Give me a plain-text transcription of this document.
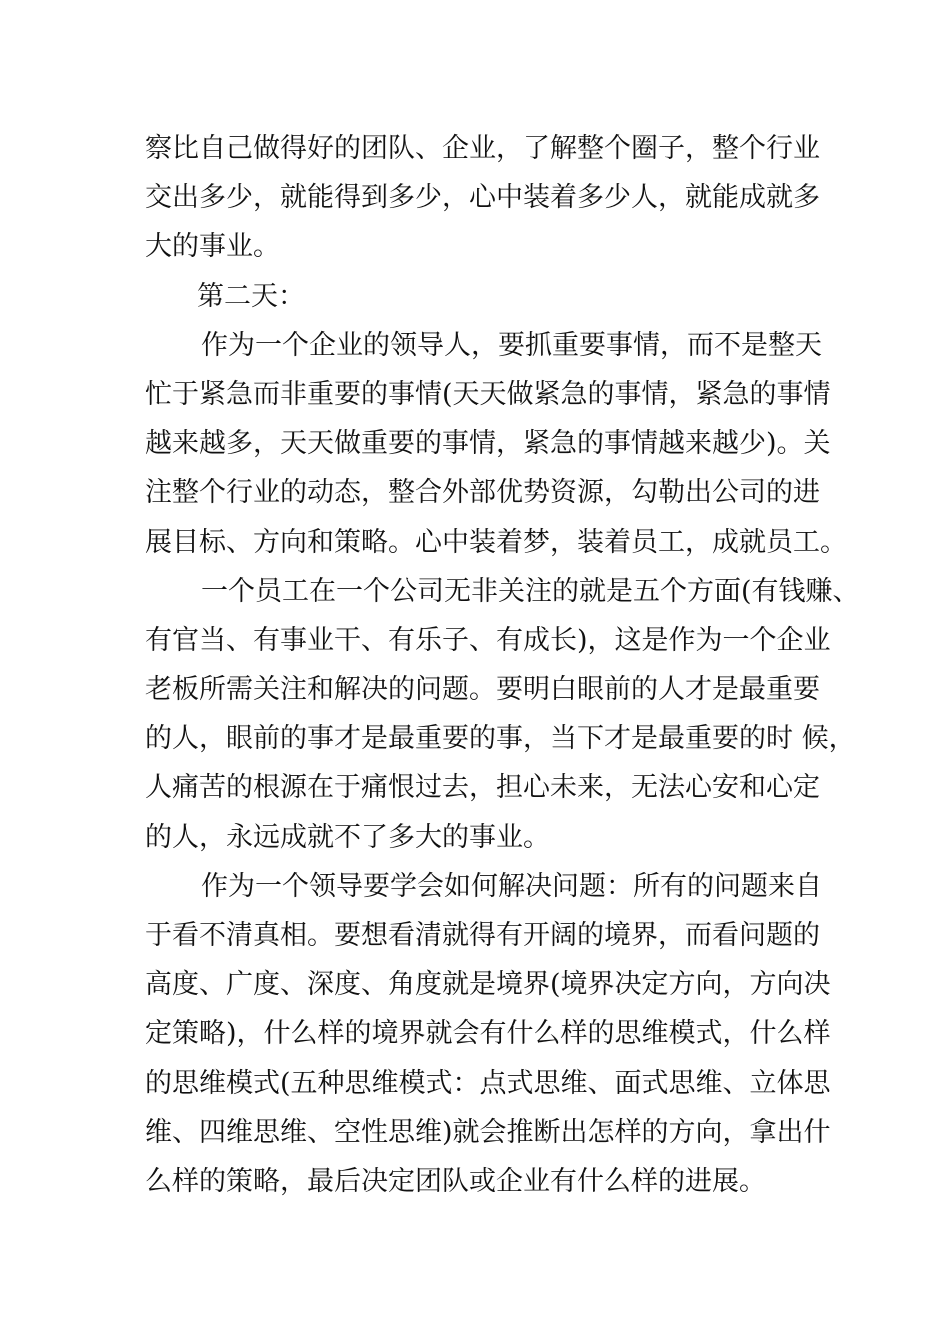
察比自己做得好的团队、企业，了解整个圈子，整个行业
交出多少，就能得到多少，心中装着多少人，就能成就多
大的事业。
第二天：
作为一个企业的领导人，要抓重要事情，而不是整天
忙于紧急而非重要的事情(天天做紧急的事情，紧急的事情
越来越多，天天做重要的事情，紧急的事情越来越少)。关
注整个行业的动态，整合外部优势资源，勾勒出公司的进
展目标、方向和策略。心中装着梦，装着员工，成就员工。
一个员工在一个公司无非关注的就是五个方面(有钱赚、
有官当、有事业干、有乐子、有成长)，这是作为一个企业
老板所需关注和解决的问题。要明白眼前的人才是最重要
的人，眼前的事才是最重要的事，当下才是最重要的时 候，
人痛苦的根源在于痛恨过去，担心未来，无法心安和心定
的人，永远成就不了多大的事业。
作为一个领导要学会如何解决问题：所有的问题来自
于看不清真相。要想看清就得有开阔的境界，而看问题的
高度、广度、深度、角度就是境界(境界决定方向，方向决
定策略)，什么样的境界就会有什么样的思维模式，什么样
的思维模式(五种思维模式：点式思维、面式思维、立体思
维、四维思维、空性思维)就会推断出怎样的方向，拿出什
么样的策略，最后决定团队或企业有什么样的进展。
